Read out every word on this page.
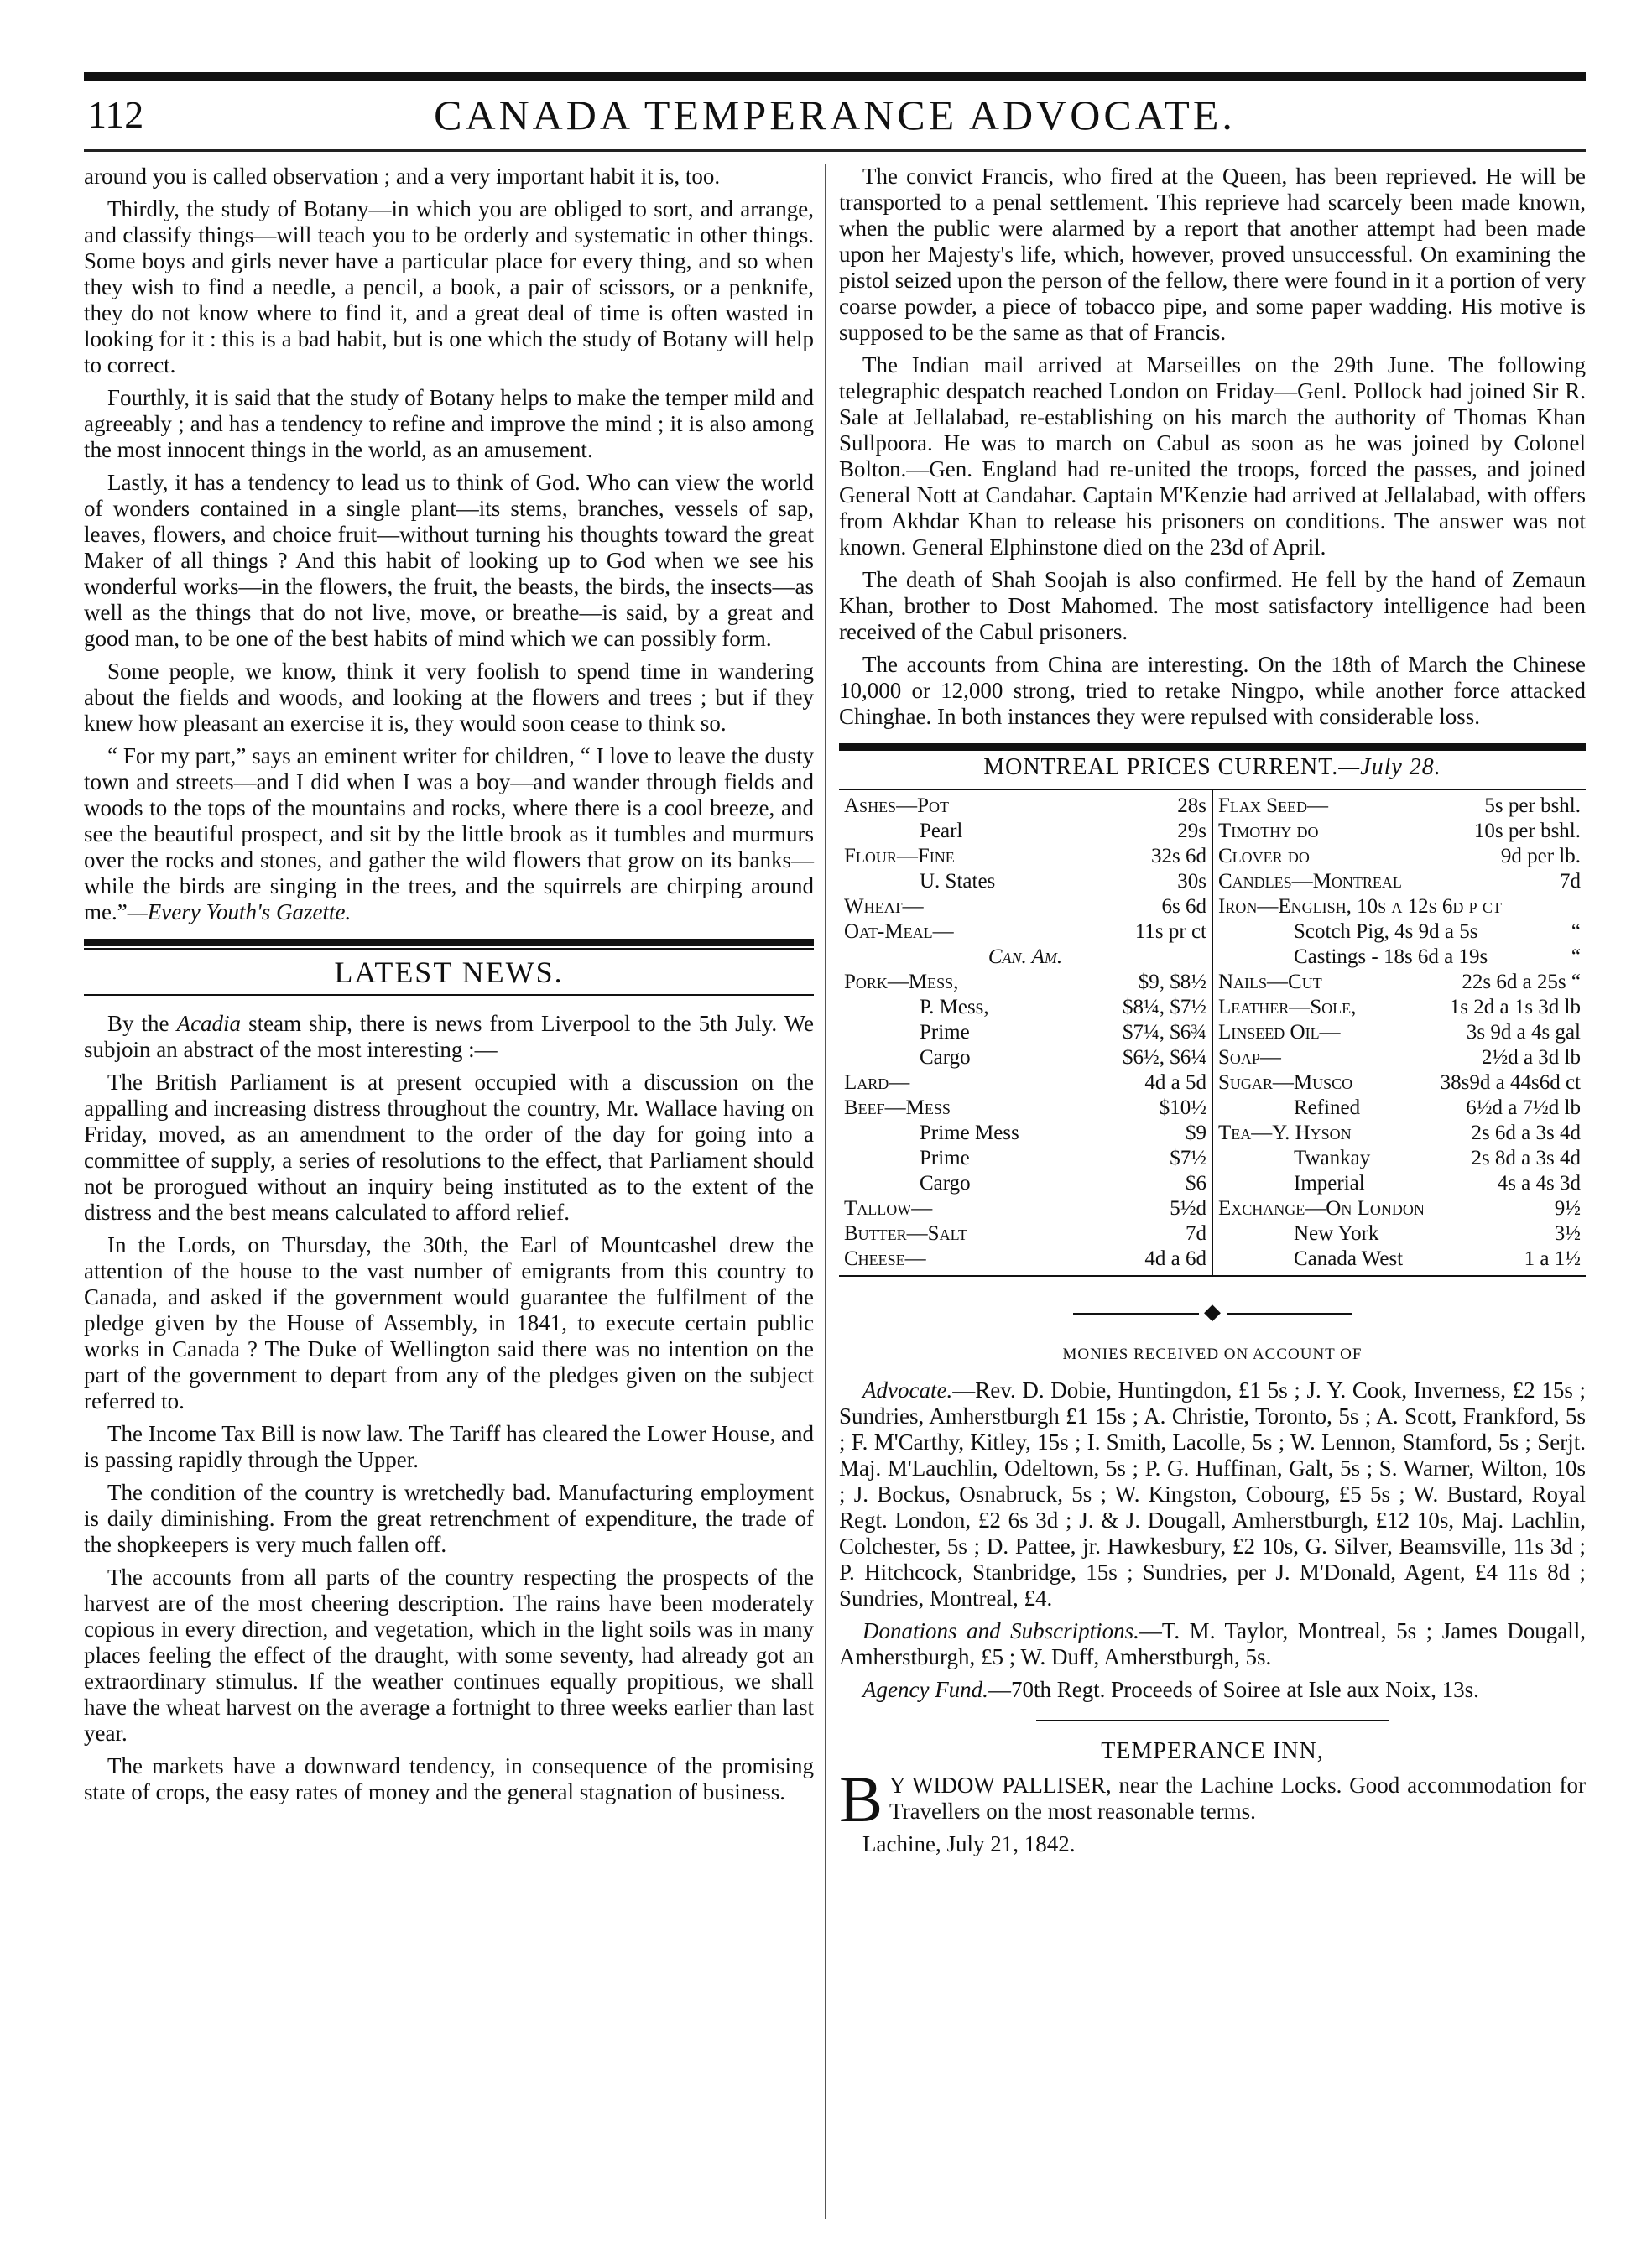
112	CANADA TEMPERANCE ADVOCATE.

around you is called observation ; and a very important habit it is, too.

Thirdly, the study of Botany—in which you are obliged to sort, and arrange, and classify things—will teach you to be orderly and systematic in other things. Some boys and girls never have a particular place for every thing, and so when they wish to find a needle, a pencil, a book, a pair of scissors, or a penknife, they do not know where to find it, and a great deal of time is often wasted in looking for it : this is a bad habit, but is one which the study of Botany will help to correct.

Fourthly, it is said that the study of Botany helps to make the temper mild and agreeably ; and has a tendency to refine and improve the mind ; it is also among the most innocent things in the world, as an amusement.

Lastly, it has a tendency to lead us to think of God. Who can view the world of wonders contained in a single plant—its stems, branches, vessels of sap, leaves, flowers, and choice fruit—without turning his thoughts toward the great Maker of all things ? And this habit of looking up to God when we see his wonderful works—in the flowers, the fruit, the beasts, the birds, the insects—as well as the things that do not live, move, or breathe—is said, by a great and good man, to be one of the best habits of mind which we can possibly form.

Some people, we know, think it very foolish to spend time in wandering about the fields and woods, and looking at the flowers and trees ; but if they knew how pleasant an exercise it is, they would soon cease to think so.

“ For my part,” says an eminent writer for children, “ I love to leave the dusty town and streets—and I did when I was a boy—and wander through fields and woods to the tops of the mountains and rocks, where there is a cool breeze, and see the beautiful prospect, and sit by the little brook as it tumbles and murmurs over the rocks and stones, and gather the wild flowers that grow on its banks—while the birds are singing in the trees, and the squirrels are chirping around me.”—Every Youth's Gazette.

LATEST NEWS.

By the Acadia steam ship, there is news from Liverpool to the 5th July. We subjoin an abstract of the most interesting :—

The British Parliament is at present occupied with a discussion on the appalling and increasing distress throughout the country, Mr. Wallace having on Friday, moved, as an amendment to the order of the day for going into a committee of supply, a series of resolutions to the effect, that Parliament should not be prorogued without an inquiry being instituted as to the extent of the distress and the best means calculated to afford relief.

In the Lords, on Thursday, the 30th, the Earl of Mountcashel drew the attention of the house to the vast number of emigrants from this country to Canada, and asked if the government would guarantee the fulfilment of the pledge given by the House of Assembly, in 1841, to execute certain public works in Canada ? The Duke of Wellington said there was no intention on the part of the government to depart from any of the pledges given on the subject referred to.

The Income Tax Bill is now law. The Tariff has cleared the Lower House, and is passing rapidly through the Upper.

The condition of the country is wretchedly bad. Manufacturing employment is daily diminishing. From the great retrenchment of expenditure, the trade of the shopkeepers is very much fallen off.

The accounts from all parts of the country respecting the prospects of the harvest are of the most cheering description. The rains have been moderately copious in every direction, and vegetation, which in the light soils was in many places feeling the effect of the draught, with some seventy, had already got an extraordinary stimulus. If the weather continues equally propitious, we shall have the wheat harvest on the average a fortnight to three weeks earlier than last year.

The markets have a downward tendency, in consequence of the promising state of crops, the easy rates of money and the general stagnation of business.

The convict Francis, who fired at the Queen, has been reprieved. He will be transported to a penal settlement. This reprieve had scarcely been made known, when the public were alarmed by a report that another attempt had been made upon her Majesty's life, which, however, proved unsuccessful. On examining the pistol seized upon the person of the fellow, there were found in it a portion of very coarse powder, a piece of tobacco pipe, and some paper wadding. His motive is supposed to be the same as that of Francis.

The Indian mail arrived at Marseilles on the 29th June. The following telegraphic despatch reached London on Friday—Genl. Pollock had joined Sir R. Sale at Jellalabad, re-establishing on his march the authority of Thomas Khan Sullpoora. He was to march on Cabul as soon as he was joined by Colonel Bolton.—Gen. England had re-united the troops, forced the passes, and joined General Nott at Candahar. Captain M'Kenzie had arrived at Jellalabad, with offers from Akhdar Khan to release his prisoners on conditions. The answer was not known. General Elphinstone died on the 23d of April.

The death of Shah Soojah is also confirmed. He fell by the hand of Zemaun Khan, brother to Dost Mahomed. The most satisfactory intelligence had been received of the Cabul prisoners.

The accounts from China are interesting. On the 18th of March the Chinese 10,000 or 12,000 strong, tried to retake Ningpo, while another force attacked Chinghae. In both instances they were repulsed with considerable loss.

MONTREAL PRICES CURRENT.—July 28.
Ashes—Pot	28s
Pearl	29s
Flour—Fine	32s 6d
U. States	30s
Wheat—	6s 6d
Oat-Meal—	11s pr ct
Can. Am.
Pork—Mess,	$9, $8½
P. Mess,	$8¼, $7½
Prime	$7¼, $6¾
Cargo	$6½, $6¼
Lard—	4d a 5d
Beef—Mess	$10½
Prime Mess	$9
Prime	$7½
Cargo	$6
Tallow—	5½d
Butter—Salt	7d
Cheese—	4d a 6d
Flax Seed—	5s per bshl.
Timothy do	10s per bshl.
Clover do	9d per lb.
Candles—Montreal	7d
Iron—English, 10s a 12s 6d p ct
Scotch Pig, 4s 9d a 5s	“
Castings - 18s 6d a 19s	“
Nails—Cut	22s 6d a 25s “
Leather—Sole,	1s 2d a 1s 3d lb
Linseed Oil—	3s 9d a 4s gal
Soap—	2½d a 3d lb
Sugar—Musco	38s9d a 44s6d ct
Refined	6½d a 7½d lb
Tea—Y. Hyson	2s 6d a 3s 4d
Twankay	2s 8d a 3s 4d
Imperial	4s a 4s 3d
Exchange—On London	9½
New York	3½
Canada West	1 a 1½
◆
MONIES RECEIVED ON ACCOUNT OF

Advocate.—Rev. D. Dobie, Huntingdon, £1 5s ; J. Y. Cook, Inverness, £2 15s ; Sundries, Amherstburgh £1 15s ; A. Christie, Toronto, 5s ; A. Scott, Frankford, 5s ; F. M'Carthy, Kitley, 15s ; I. Smith, Lacolle, 5s ; W. Lennon, Stamford, 5s ; Serjt. Maj. M'Lauchlin, Odeltown, 5s ; P. G. Huffinan, Galt, 5s ; S. Warner, Wilton, 10s ; J. Bockus, Osnabruck, 5s ; W. Kingston, Cobourg, £5 5s ; W. Bustard, Royal Regt. London, £2 6s 3d ; J. & J. Dougall, Amherstburgh, £12 10s, Maj. Lachlin, Colchester, 5s ; D. Pattee, jr. Hawkesbury, £2 10s, G. Silver, Beamsville, 11s 3d ; P. Hitchcock, Stanbridge, 15s ; Sundries, per J. M'Donald, Agent, £4 11s 8d ; Sundries, Montreal, £4.

Donations and Subscriptions.—T. M. Taylor, Montreal, 5s ; James Dougall, Amherstburgh, £5 ; W. Duff, Amherstburgh, 5s.

Agency Fund.—70th Regt. Proceeds of Soiree at Isle aux Noix, 13s.

TEMPERANCE INN,

B Y WIDOW PALLISER, near the Lachine Locks. Good accommodation for Travellers on the most reasonable terms.

Lachine, July 21, 1842.
